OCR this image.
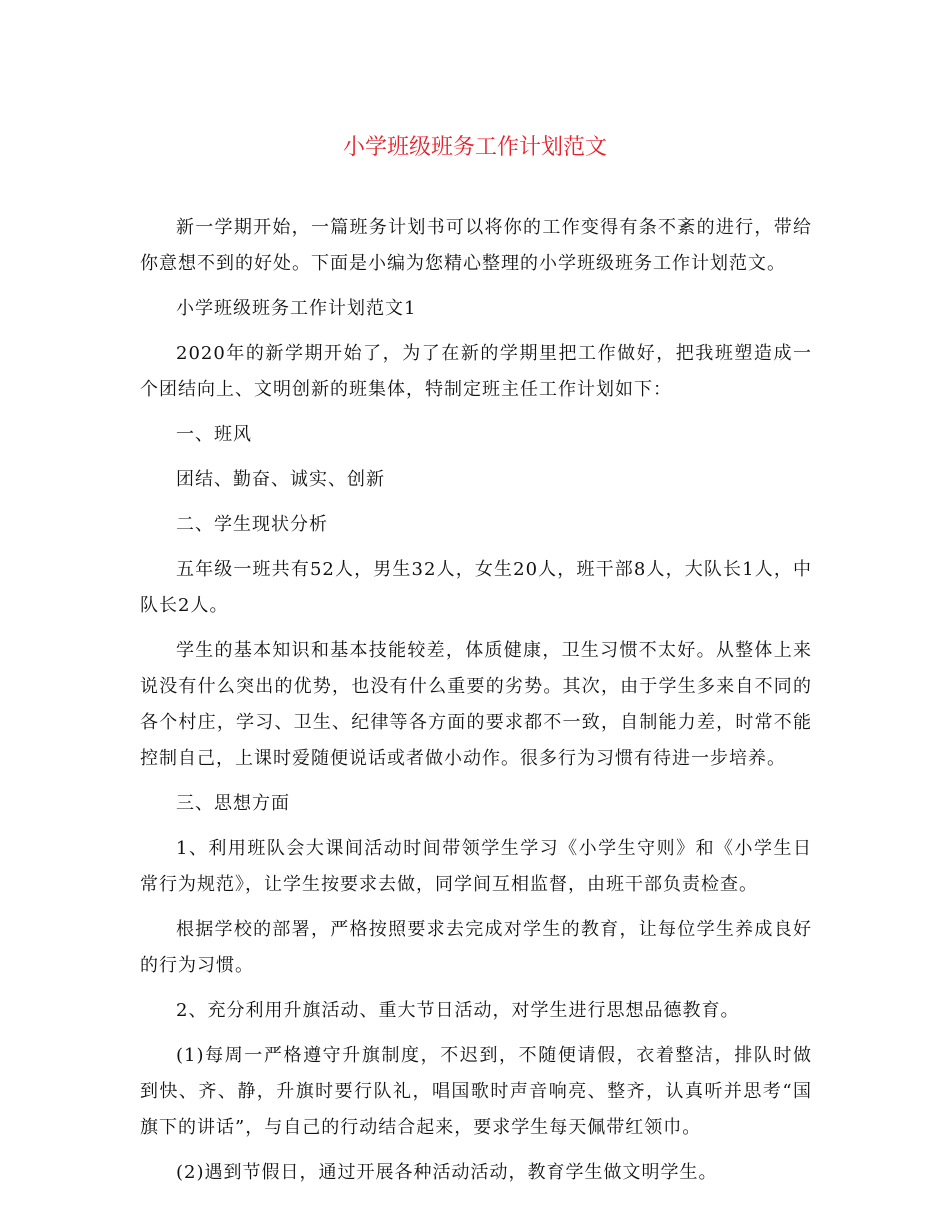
小学班级班务工作计划范文

新一学期开始，一篇班务计划书可以将你的工作变得有条不紊的进行，带给你意想不到的好处。下面是小编为您精心整理的小学班级班务工作计划范文。

小学班级班务工作计划范文1

2020年的新学期开始了，为了在新的学期里把工作做好，把我班塑造成一个团结向上、文明创新的班集体，特制定班主任工作计划如下：

一、班风

团结、勤奋、诚实、创新

二、学生现状分析

五年级一班共有52人，男生32人，女生20人，班干部8人，大队长1人，中队长2人。

学生的基本知识和基本技能较差，体质健康，卫生习惯不太好。从整体上来说没有什么突出的优势，也没有什么重要的劣势。其次，由于学生多来自不同的各个村庄，学习、卫生、纪律等各方面的要求都不一致，自制能力差，时常不能控制自己，上课时爱随便说话或者做小动作。很多行为习惯有待进一步培养。

三、思想方面

1、利用班队会大课间活动时间带领学生学习《小学生守则》和《小学生日常行为规范》，让学生按要求去做，同学间互相监督，由班干部负责检查。

根据学校的部署，严格按照要求去完成对学生的教育，让每位学生养成良好的行为习惯。

2、充分利用升旗活动、重大节日活动，对学生进行思想品德教育。

(1)每周一严格遵守升旗制度，不迟到，不随便请假，衣着整洁，排队时做到快、齐、静，升旗时要行队礼，唱国歌时声音响亮、整齐，认真听并思考“国旗下的讲话”，与自己的行动结合起来，要求学生每天佩带红领巾。

(2)遇到节假日，通过开展各种活动活动，教育学生做文明学生。
